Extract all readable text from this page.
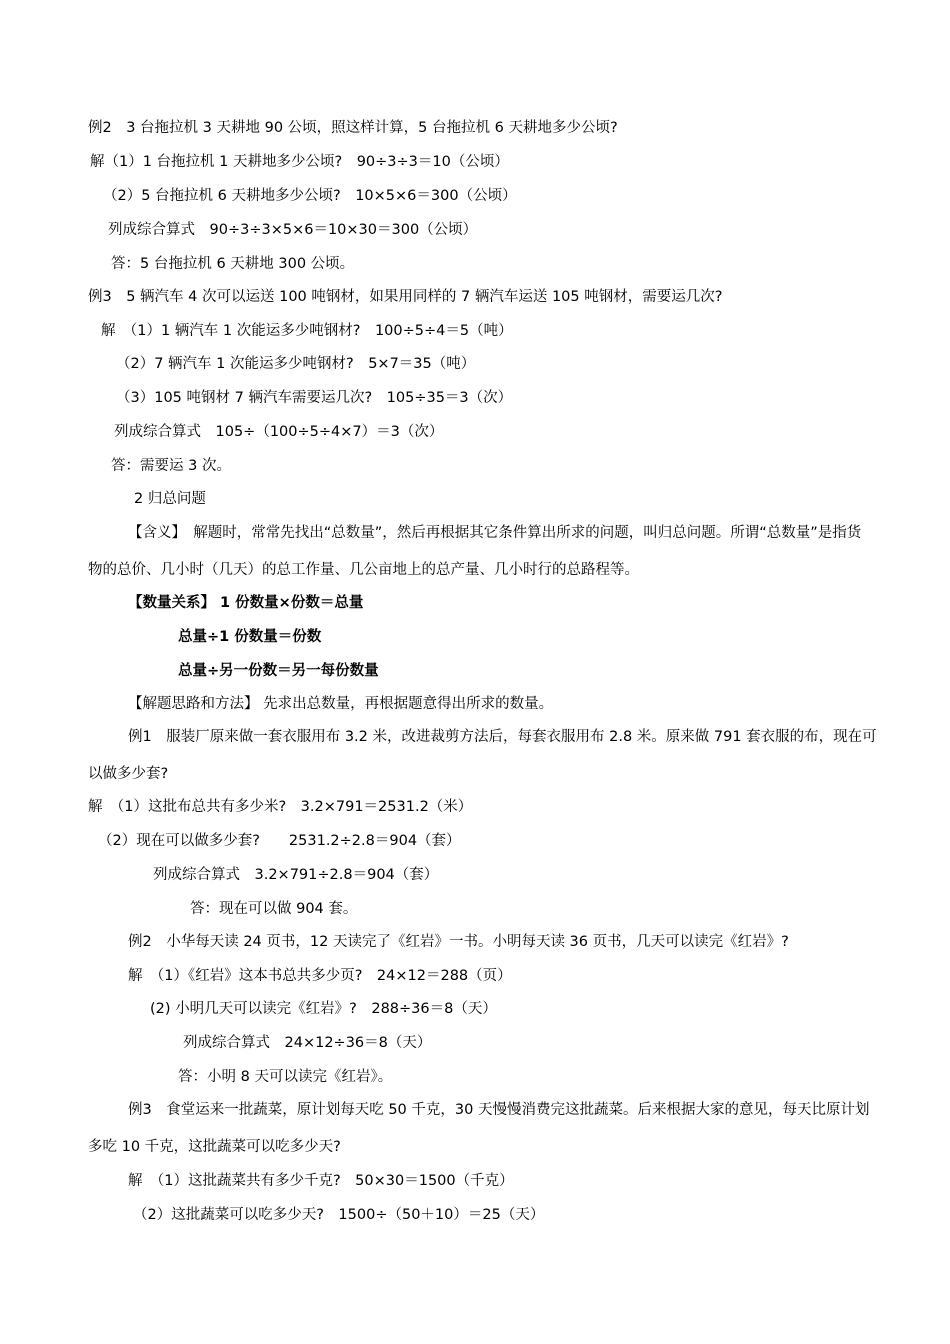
例2　3 台拖拉机 3 天耕地 90 公顷，照这样计算，5 台拖拉机 6 天耕地多少公顷?
解（1）1 台拖拉机 1 天耕地多少公顷?　90÷3÷3＝10（公顷）
（2）5 台拖拉机 6 天耕地多少公顷?　10×5×6＝300（公顷）
列成综合算式　90÷3÷3×5×6＝10×30＝300（公顷）
答：5 台拖拉机 6 天耕地 300 公顷。
例3　5 辆汽车 4 次可以运送 100 吨钢材，如果用同样的 7 辆汽车运送 105 吨钢材，需要运几次?
解　（1）1 辆汽车 1 次能运多少吨钢材?　100÷5÷4＝5（吨）
（2）7 辆汽车 1 次能运多少吨钢材?　5×7＝35（吨）
（3）105 吨钢材 7 辆汽车需要运几次?　105÷35＝3（次）
列成综合算式　105÷（100÷5÷4×7）＝3（次）
答：需要运 3 次。
2 归总问题
【含义】　解题时，常常先找出“总数量”，然后再根据其它条件算出所求的问题，叫归总问题。所谓“总数量”是指货
物的总价、几小时（几天）的总工作量、几公亩地上的总产量、几小时行的总路程等。
【数量关系】 1 份数量×份数＝总量
总量÷1 份数量＝份数
总量÷另一份数＝另一每份数量
【解题思路和方法】 先求出总数量，再根据题意得出所求的数量。
例1　服装厂原来做一套衣服用布 3.2 米，改进裁剪方法后，每套衣服用布 2.8 米。原来做 791 套衣服的布，现在可
以做多少套?
解　（1）这批布总共有多少米?　3.2×791＝2531.2（米）
（2）现在可以做多少套?　　2531.2÷2.8＝904（套）
列成综合算式　3.2×791÷2.8＝904（套）
答：现在可以做 904 套。
例2　小华每天读 24 页书，12 天读完了《红岩》一书。小明每天读 36 页书，几天可以读完《红岩》?
解　（1）《红岩》这本书总共多少页?　24×12＝288（页）
(2) 小明几天可以读完《红岩》?　288÷36＝8（天）
列成综合算式　24×12÷36＝8（天）
答：小明 8 天可以读完《红岩》。
例3　食堂运来一批蔬菜，原计划每天吃 50 千克，30 天慢慢消费完这批蔬菜。后来根据大家的意见，每天比原计划
多吃 10 千克，这批蔬菜可以吃多少天?
解　（1）这批蔬菜共有多少千克?　50×30＝1500（千克）
（2）这批蔬菜可以吃多少天?　1500÷（50＋10）＝25（天）
